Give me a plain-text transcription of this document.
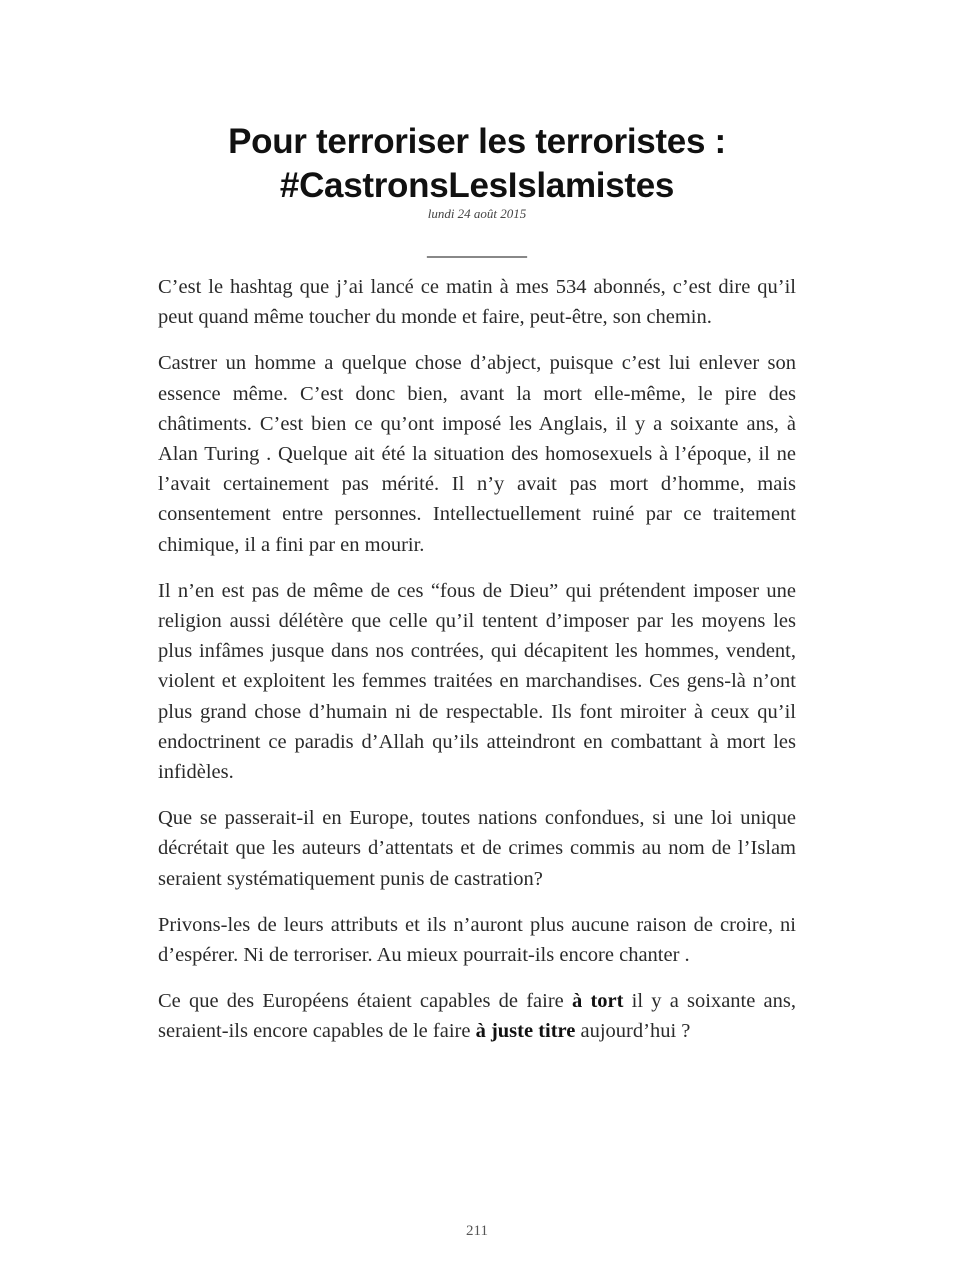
Pour terroriser les terroristes :
#CastronsLesIslamistes
lundi 24 août 2015
__________

C’est le hashtag que j’ai lancé ce matin à mes 534 abonnés, c’est dire qu’il peut quand même toucher du monde et faire, peut-être, son chemin.

Castrer un homme a quelque chose d’abject, puisque c’est lui enlever son essence même. C’est donc bien, avant la mort elle-même, le pire des châtiments. C’est bien ce qu’ont imposé les Anglais, il y a soixante ans, à Alan Turing . Quelque ait été la situation des homosexuels à l’époque, il ne l’avait certainement pas mérité. Il n’y avait pas mort d’homme, mais consentement entre personnes. Intellectuellement ruiné par ce traitement chimique, il a fini par en mourir.

Il n’en est pas de même de ces “fous de Dieu” qui prétendent imposer une religion aussi délétère que celle qu’il tentent d’imposer par les moyens les plus infâmes jusque dans nos contrées, qui décapitent les hommes, vendent, violent et exploitent les femmes traitées en marchandises. Ces gens-là n’ont plus grand chose d’humain ni de respectable. Ils font miroiter à ceux qu’il endoctrinent ce paradis d’Allah qu’ils atteindront en combattant à mort les infidèles.

Que se passerait-il en Europe, toutes nations confondues, si une loi unique décrétait que les auteurs d’attentats et de crimes commis au nom de l’Islam seraient systématiquement punis de castration?

Privons-les de leurs attributs et ils n’auront plus aucune raison de croire, ni d’espérer. Ni de terroriser. Au mieux pourrait-ils encore chanter .

Ce que des Européens étaient capables de faire à tort il y a soixante ans, seraient-ils encore capables de le faire à juste titre aujourd’hui ?

211
